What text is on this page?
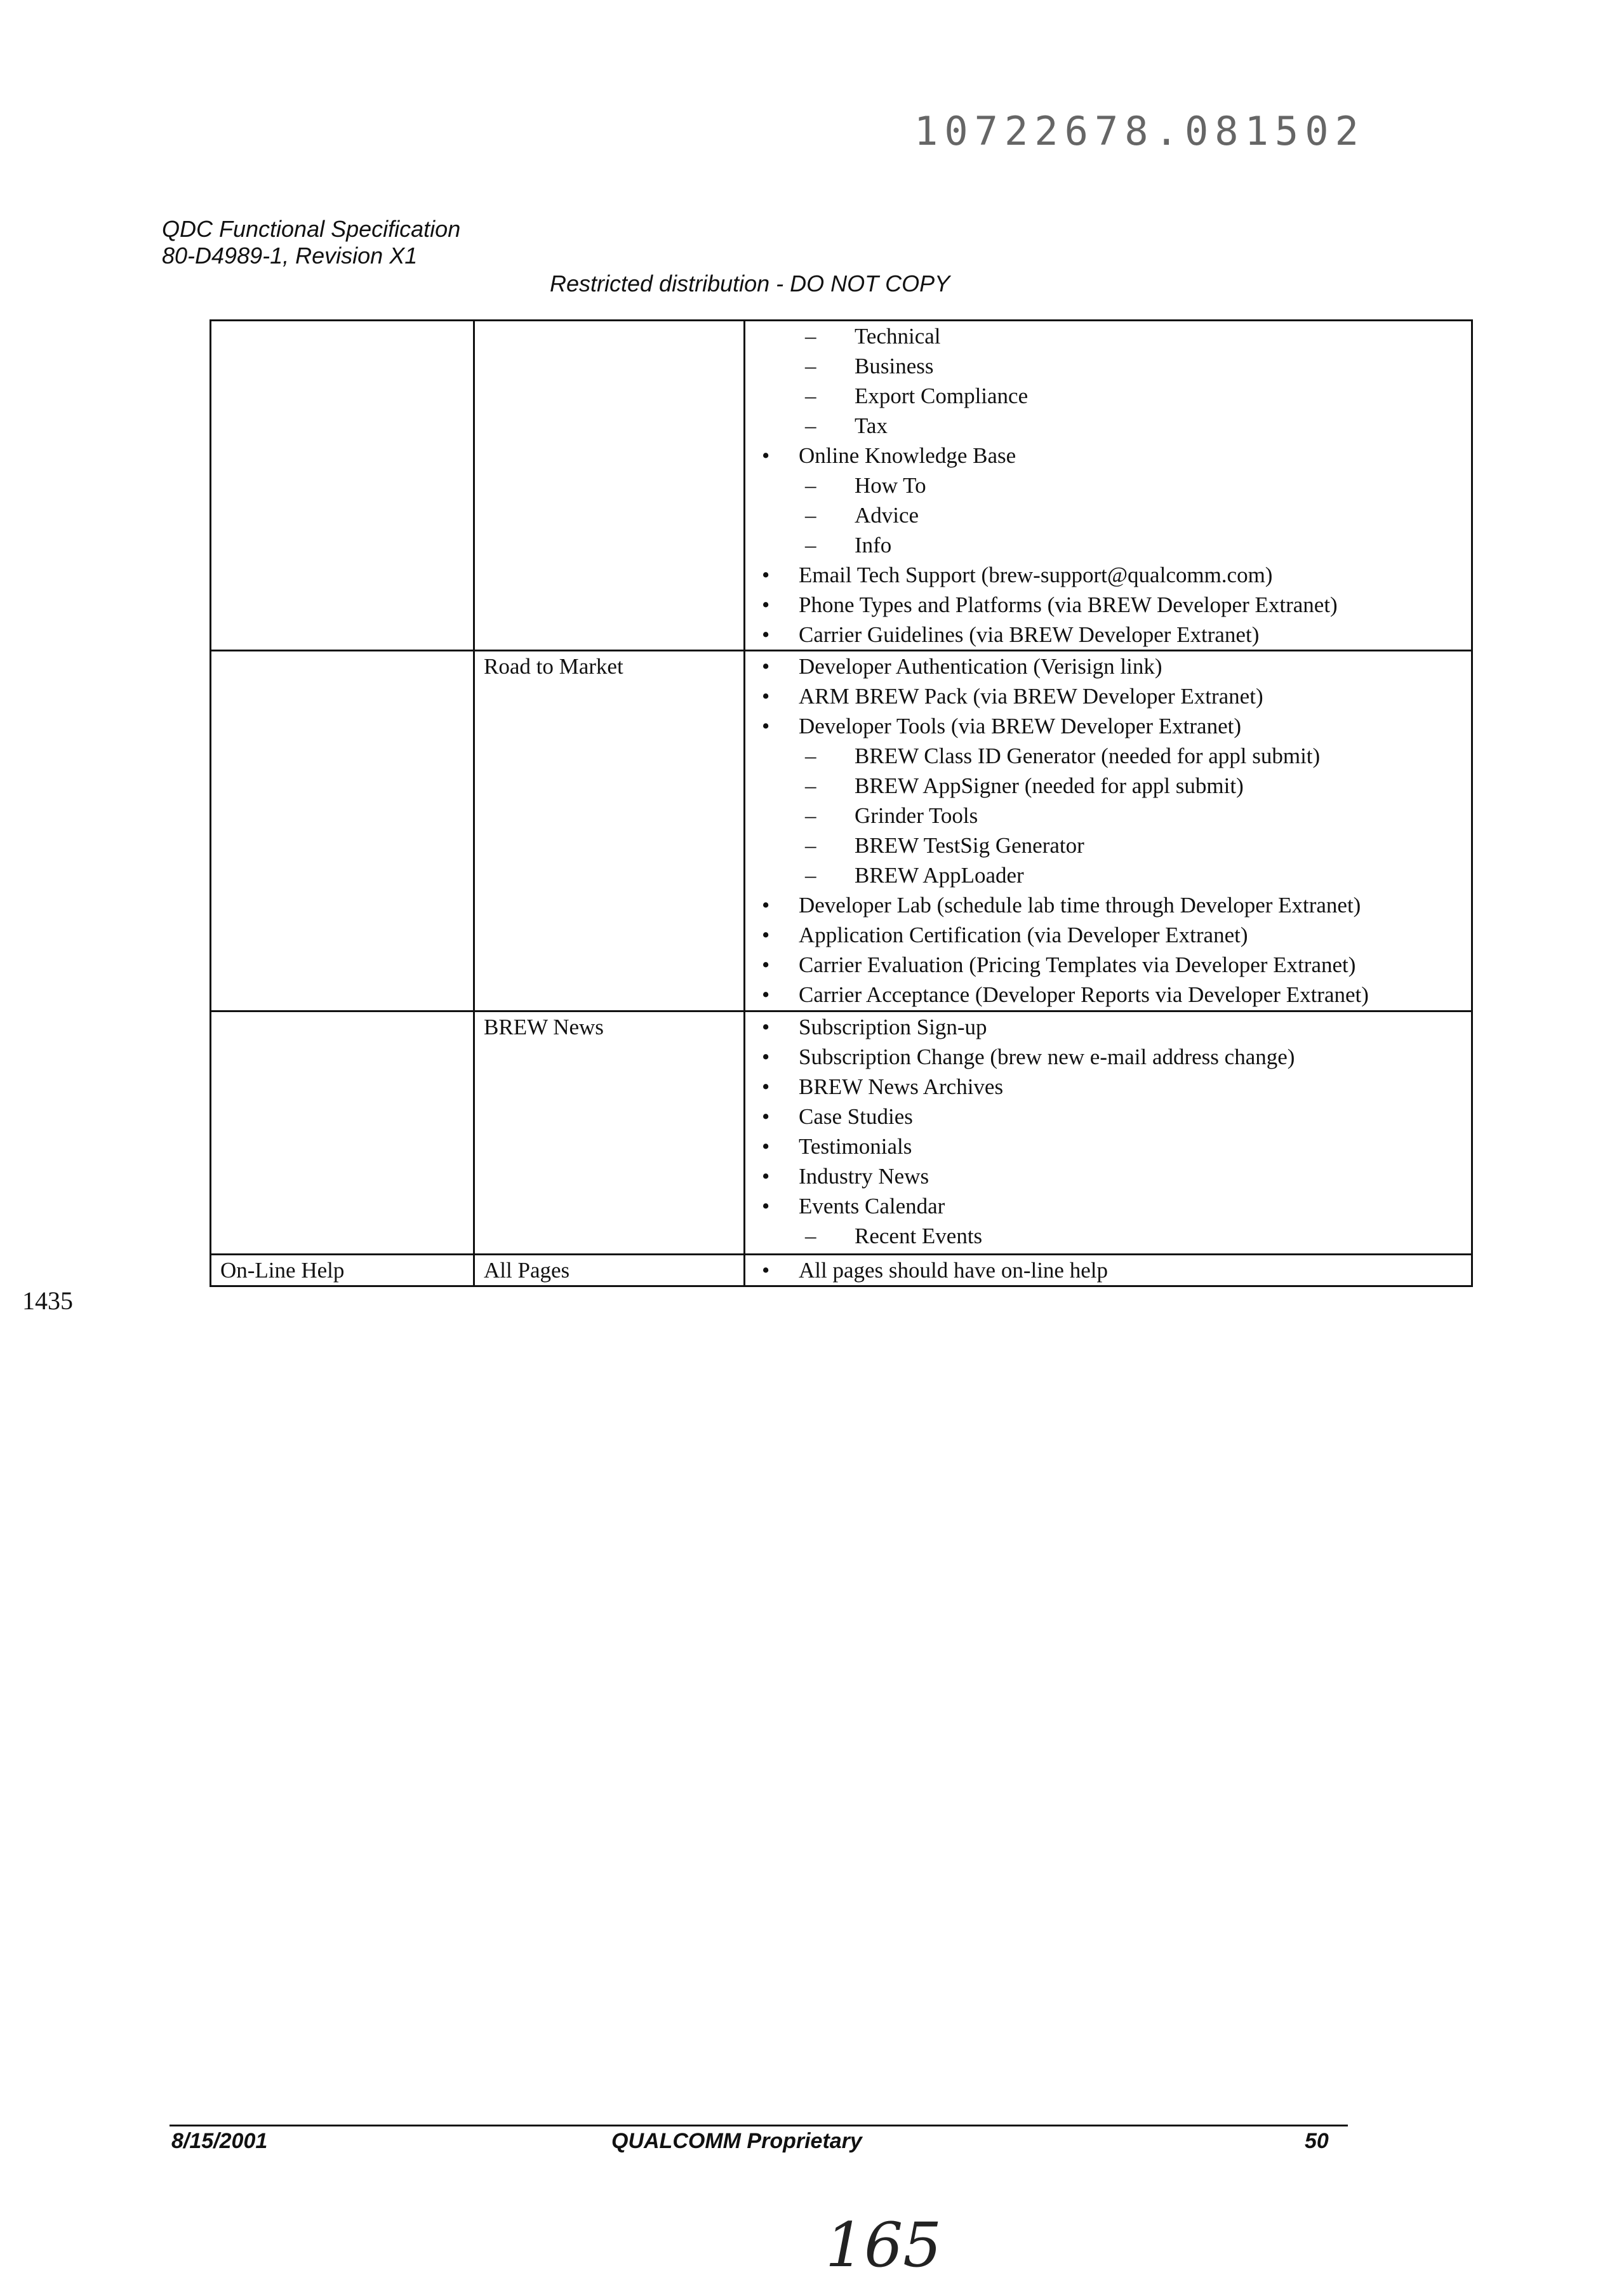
10722678.081502
QDC Functional Specification
80-D4989-1, Revision X1
Restricted distribution - DO NOT COPY

– Technical
– Business
– Export Compliance
– Tax
• Online Knowledge Base
– How To
– Advice
– Info
• Email Tech Support (brew-support@qualcomm.com)
• Phone Types and Platforms (via BREW Developer Extranet)
• Carrier Guidelines (via BREW Developer Extranet)

	Road to Market	• Developer Authentication (Verisign link)
• ARM BREW Pack (via BREW Developer Extranet)
• Developer Tools (via BREW Developer Extranet)
– BREW Class ID Generator (needed for appl submit)
– BREW AppSigner (needed for appl submit)
– Grinder Tools
– BREW TestSig Generator
– BREW AppLoader
• Developer Lab (schedule lab time through Developer Extranet)
• Application Certification (via Developer Extranet)
• Carrier Evaluation (Pricing Templates via Developer Extranet)
• Carrier Acceptance (Developer Reports via Developer Extranet)

	BREW News	• Subscription Sign-up
• Subscription Change (brew new e-mail address change)
• BREW News Archives
• Case Studies
• Testimonials
• Industry News
• Events Calendar
– Recent Events

On-Line Help	All Pages	• All pages should have on-line help
1435
8/15/2001	QUALCOMM Proprietary	50
165
